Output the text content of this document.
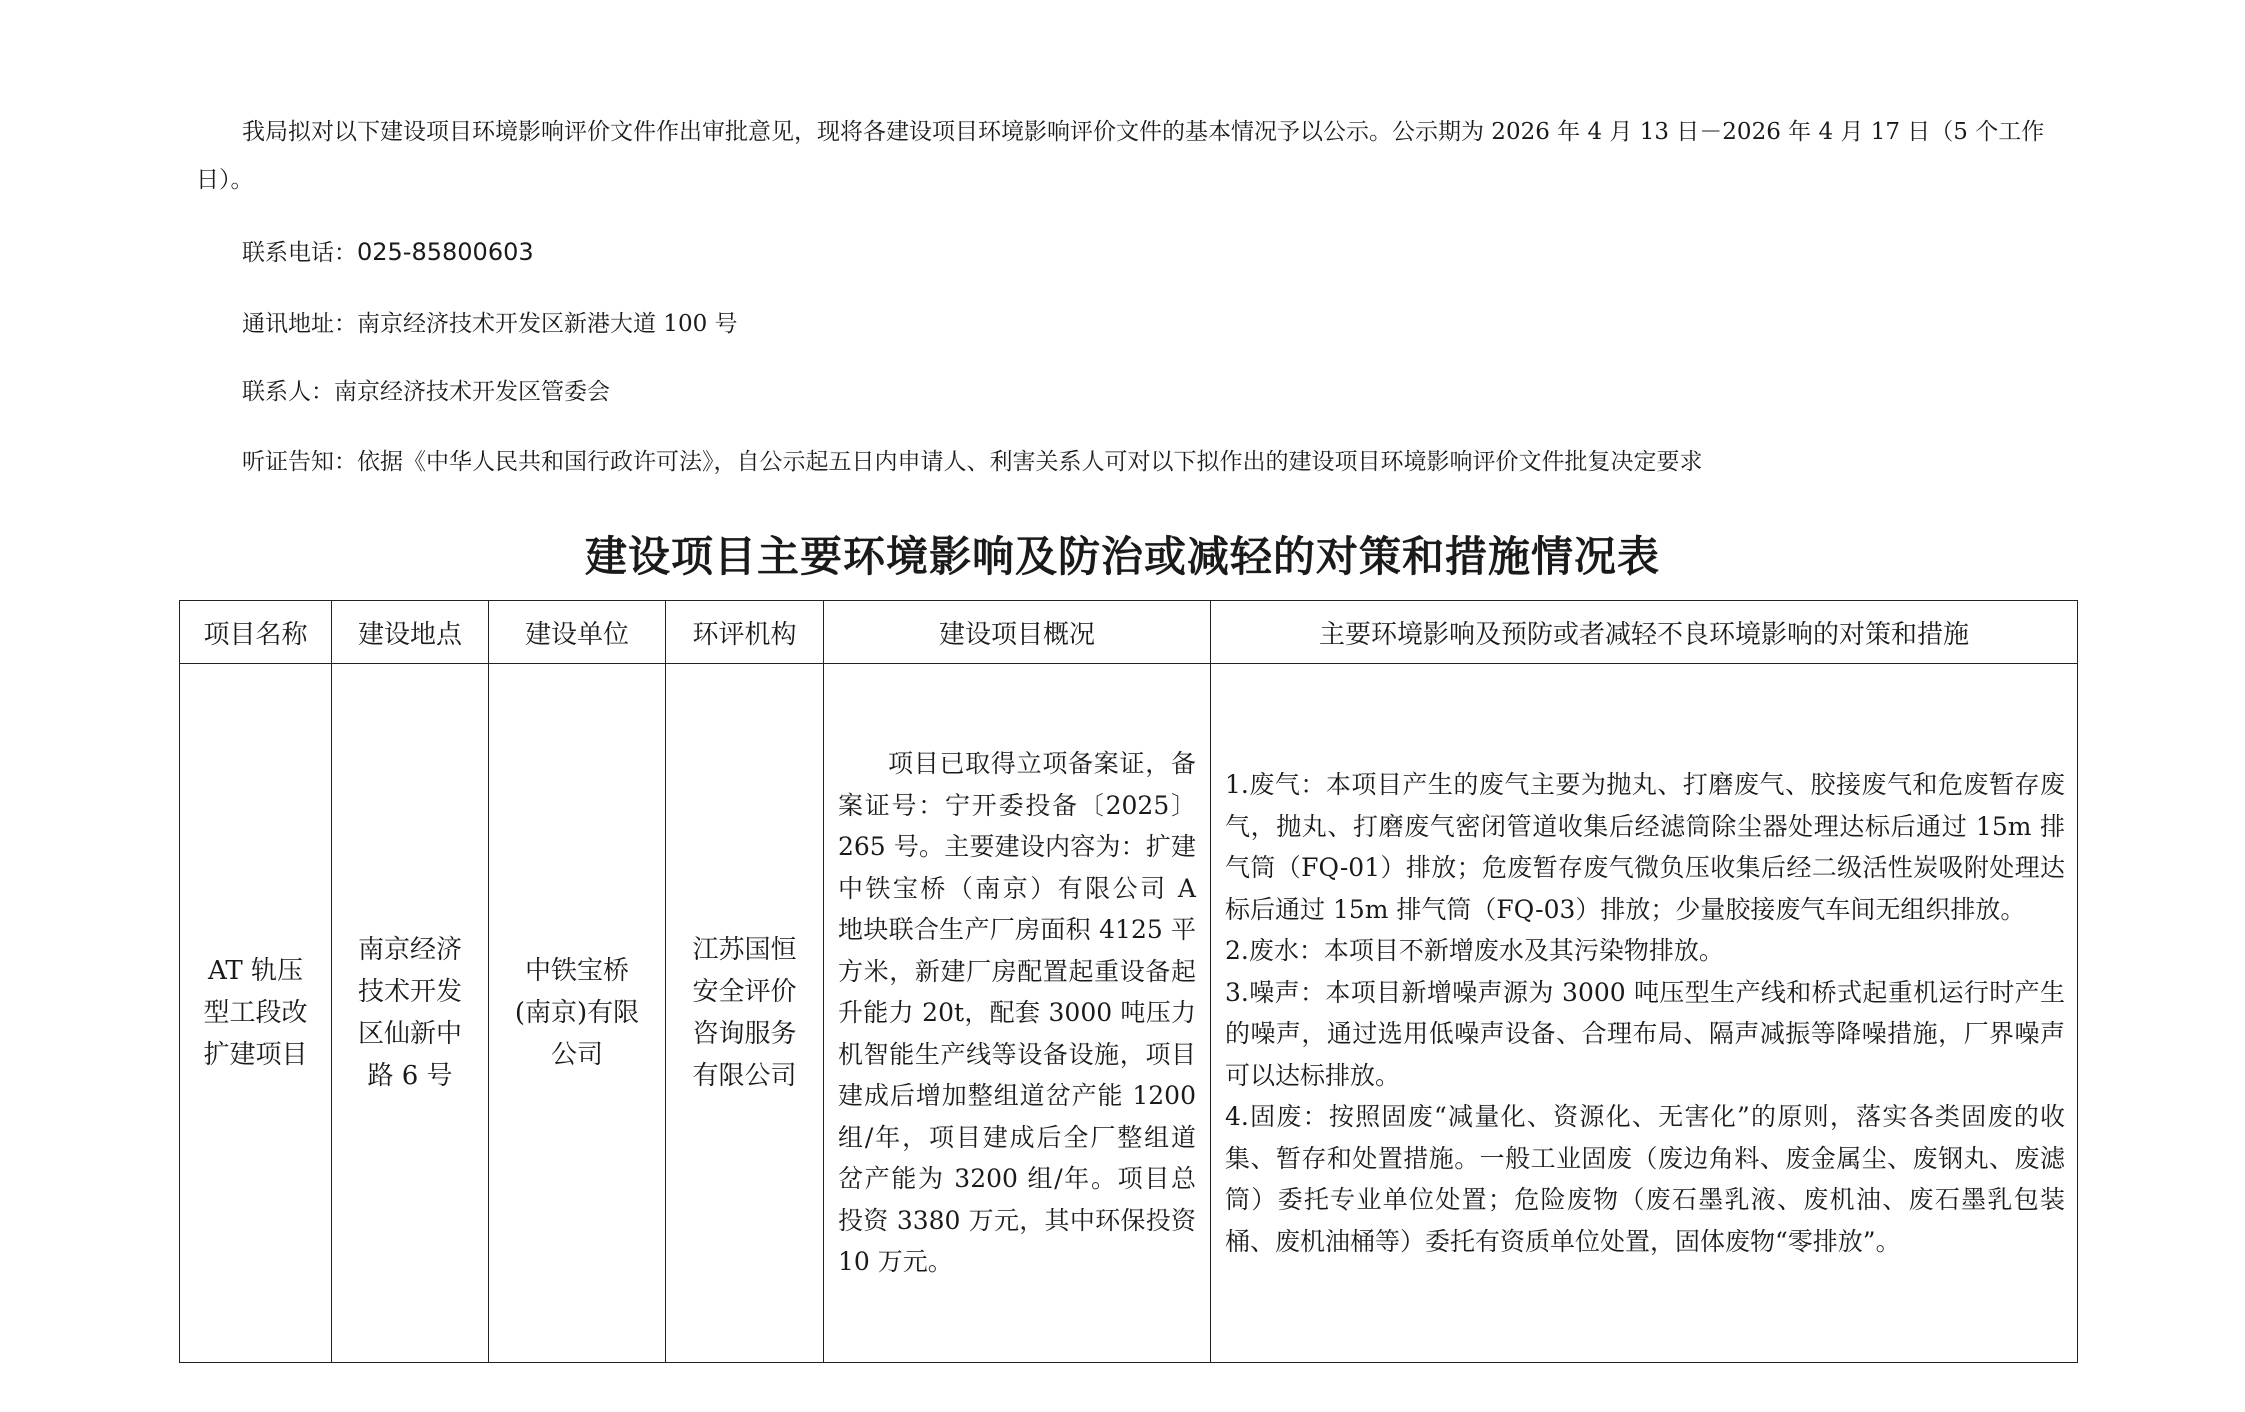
我局拟对以下建设项目环境影响评价文件作出审批意见，现将各建设项目环境影响评价文件的基本情况予以公示。公示期为 2026 年 4 月 13 日－2026 年 4 月 17 日（5 个工作日）。

联系电话：025-85800603

通讯地址：南京经济技术开发区新港大道 100 号

联系人：南京经济技术开发区管委会

听证告知：依据《中华人民共和国行政许可法》，自公示起五日内申请人、利害关系人可对以下拟作出的建设项目环境影响评价文件批复决定要求

建设项目主要环境影响及防治或减轻的对策和措施情况表
项目名称	建设地点	建设单位	环评机构	建设项目概况	主要环境影响及预防或者减轻不良环境影响的对策和措施
AT 轨压型工段改扩建项目	南京经济技术开发区仙新中路 6 号	中铁宝桥(南京)有限公司	江苏国恒安全评价咨询服务有限公司	项目已取得立项备案证，备案证号：宁开委投备〔2025〕265 号。主要建设内容为：扩建中铁宝桥（南京）有限公司 A 地块联合生产厂房面积 4125 平方米，新建厂房配置起重设备起升能力 20t，配套 3000 吨压力机智能生产线等设备设施，项目建成后增加整组道岔产能 1200 组/年，项目建成后全厂整组道岔产能为 3200 组/年。项目总投资 3380 万元，其中环保投资 10 万元。	1.废气：本项目产生的废气主要为抛丸、打磨废气、胶接废气和危废暂存废气，抛丸、打磨废气密闭管道收集后经滤筒除尘器处理达标后通过 15m 排气筒（FQ-01）排放；危废暂存废气微负压收集后经二级活性炭吸附处理达标后通过 15m 排气筒（FQ-03）排放；少量胶接废气车间无组织排放。

2.废水：本项目不新增废水及其污染物排放。

3.噪声：本项目新增噪声源为 3000 吨压型生产线和桥式起重机运行时产生的噪声，通过选用低噪声设备、合理布局、隔声减振等降噪措施，厂界噪声可以达标排放。

4.固废：按照固废“减量化、资源化、无害化”的原则，落实各类固废的收集、暂存和处置措施。一般工业固废（废边角料、废金属尘、废钢丸、废滤筒）委托专业单位处置；危险废物（废石墨乳液、废机油、废石墨乳包装桶、废机油桶等）委托有资质单位处置，固体废物“零排放”。
